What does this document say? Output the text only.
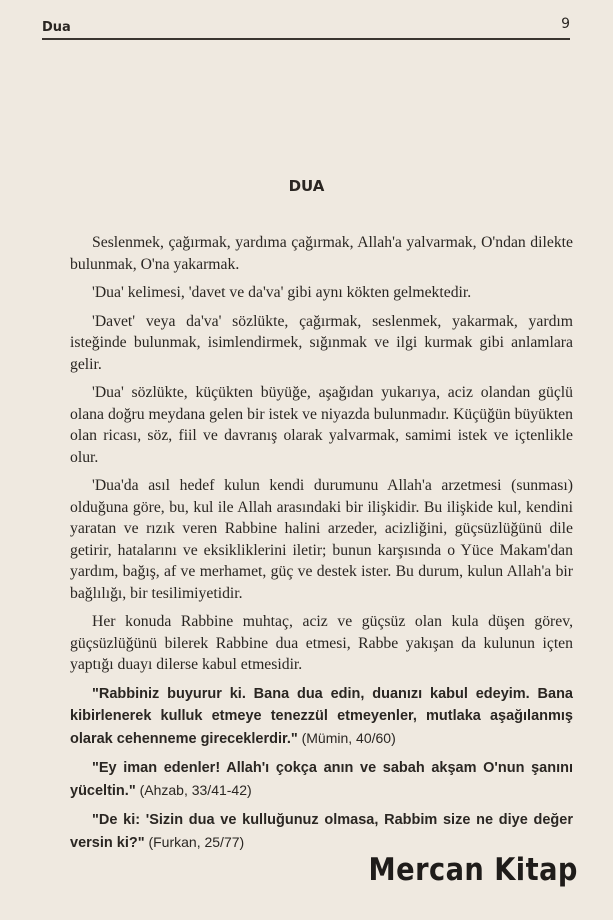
Dua	9
DUA

Seslenmek, çağırmak, yardıma çağırmak, Allah'a yalvarmak, O'ndan dilekte bulunmak, O'na yakarmak.

'Dua' kelimesi, 'davet ve da'va' gibi aynı kökten gelmektedir.

'Davet' veya da'va' sözlükte, çağırmak, seslenmek, yakarmak, yardım isteğinde bulunmak, isimlendirmek, sığınmak ve ilgi kurmak gibi anlamlara gelir.

'Dua' sözlükte, küçükten büyüğe, aşağıdan yukarıya, aciz olandan güçlü olana doğru meydana gelen bir istek ve niyazda bulunmadır. Küçüğün büyükten olan ricası, söz, fiil ve davranış olarak yalvarmak, samimi istek ve içtenlikle olur.

'Dua'da asıl hedef kulun kendi durumunu Allah'a arzetmesi (sunması) olduğuna göre, bu, kul ile Allah arasındaki bir ilişkidir. Bu ilişkide kul, kendini yaratan ve rızık veren Rabbine halini arzeder, acizliğini, güçsüzlüğünü dile getirir, hatalarını ve eksikliklerini iletir; bunun karşısında o Yüce Makam'dan yardım, bağış, af ve merhamet, güç ve destek ister. Bu durum, kulun Allah'a bir bağlılığı, bir tesilimiyetidir.

Her konuda Rabbine muhtaç, aciz ve güçsüz olan kula düşen görev, güçsüzlüğünü bilerek Rabbine dua etmesi, Rabbe yakışan da kulunun içten yaptığı duayı dilerse kabul etmesidir.

"Rabbiniz buyurur ki. Bana dua edin, duanızı kabul edeyim. Bana kibirlenerek kulluk etmeye tenezzül etmeyenler, mutlaka aşağılanmış olarak cehenneme gireceklerdir." (Mümin, 40/60)

"Ey iman edenler! Allah'ı çokça anın ve sabah akşam O'nun şanını yüceltin." (Ahzab, 33/41-42)

"De ki: 'Sizin dua ve kulluğunuz olmasa, Rabbim size ne diye değer versin ki?" (Furkan, 25/77)

Mercan Kitap
